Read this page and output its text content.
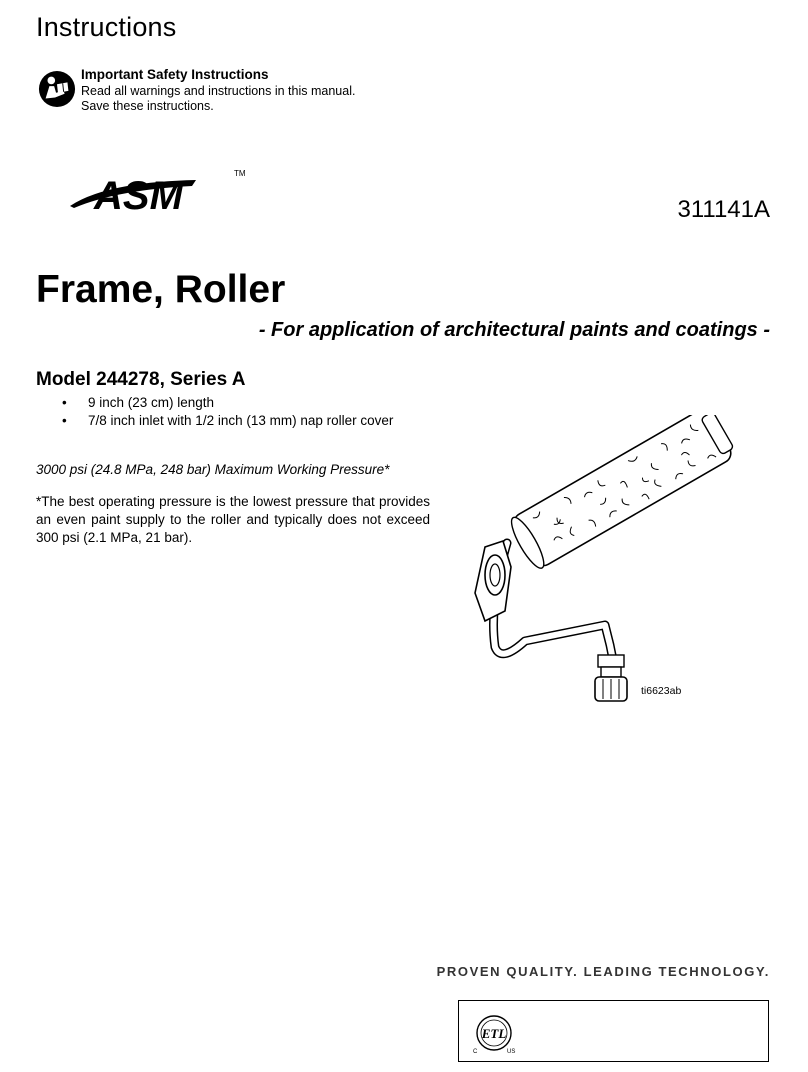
Instructions
Important Safety Instructions
Read all warnings and instructions in this manual.
Save these instructions.
ASM
TM
311141A
Frame, Roller
- For application of architectural paints and coatings -
Model 244278, Series A
• 9 inch (23 cm) length
• 7/8 inch inlet with 1/2 inch (13 mm) nap roller cover
3000 psi (24.8 MPa, 248 bar) Maximum Working Pressure*
*The best operating pressure is the lowest pressure that provides an even paint supply to the roller and typically does not exceed 300 psi (2.1 MPa, 21 bar).
ti6623ab
PROVEN QUALITY. LEADING TECHNOLOGY.
ETL
C	US
